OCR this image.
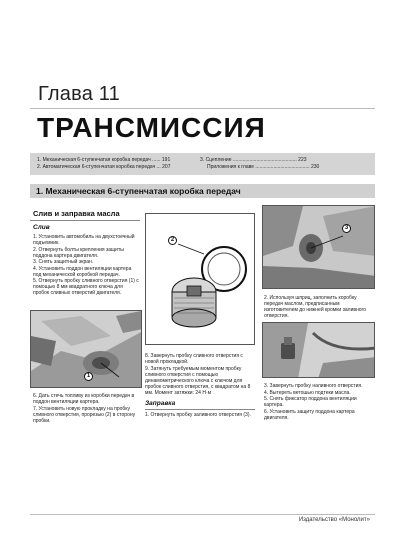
Глава 11
ТРАНСМИССИЯ
1. Механическая 6-ступенчатая коробка передач ...... 191
2. Автоматическая 6-ступенчатая коробка передач ... 207
3. Сцепление .............................................. 223
Приложения к главе ....................................... 230
1. Механическая 6-ступенчатая коробка передач
Слив и заправка масла
Слив

1. Установить автомобиль на двухстоечный подъемник.

2. Отвернуть болты крепления защиты поддона картера двигателя.

3. Снять защитный экран.

4. Установить поддон вентиляции картера под механической коробкой передач.

5. Отвернуть пробку сливного отверстия (1) с помощью 8 мм квадратного ключа для пробок сливных отверстий двигателя.

1

6. Дать стечь топливу из коробки передач в поддон вентиляции картера.

7. Установить новую прокладку на пробку сливного отверстия, прорезью (2) в сторону пробки.

2

8. Завернуть пробку сливного отверстия с новой прокладкой.

9. Затянуть требуемым моментом пробку сливного отверстия с помощью динамометрического ключа с ключом для пробок сливного отверстия, с квадратом на 8 мм. Момент затяжки: 24 Н·м

Заправка

1. Отвернуть пробку заливного отверстия (3).

3

2. Используя шприц, заполнить коробку передач маслом, предписанным изготовителем до нижней кромки заливного отверстия.

3. Завернуть пробку наливного отверстия.

4. Вытереть ветошью подтеки масла.

5. Снять фиксатор поддона вентиляции картера.

6. Установить защиту поддона картера двигателя.

Издательство «Монолит»
